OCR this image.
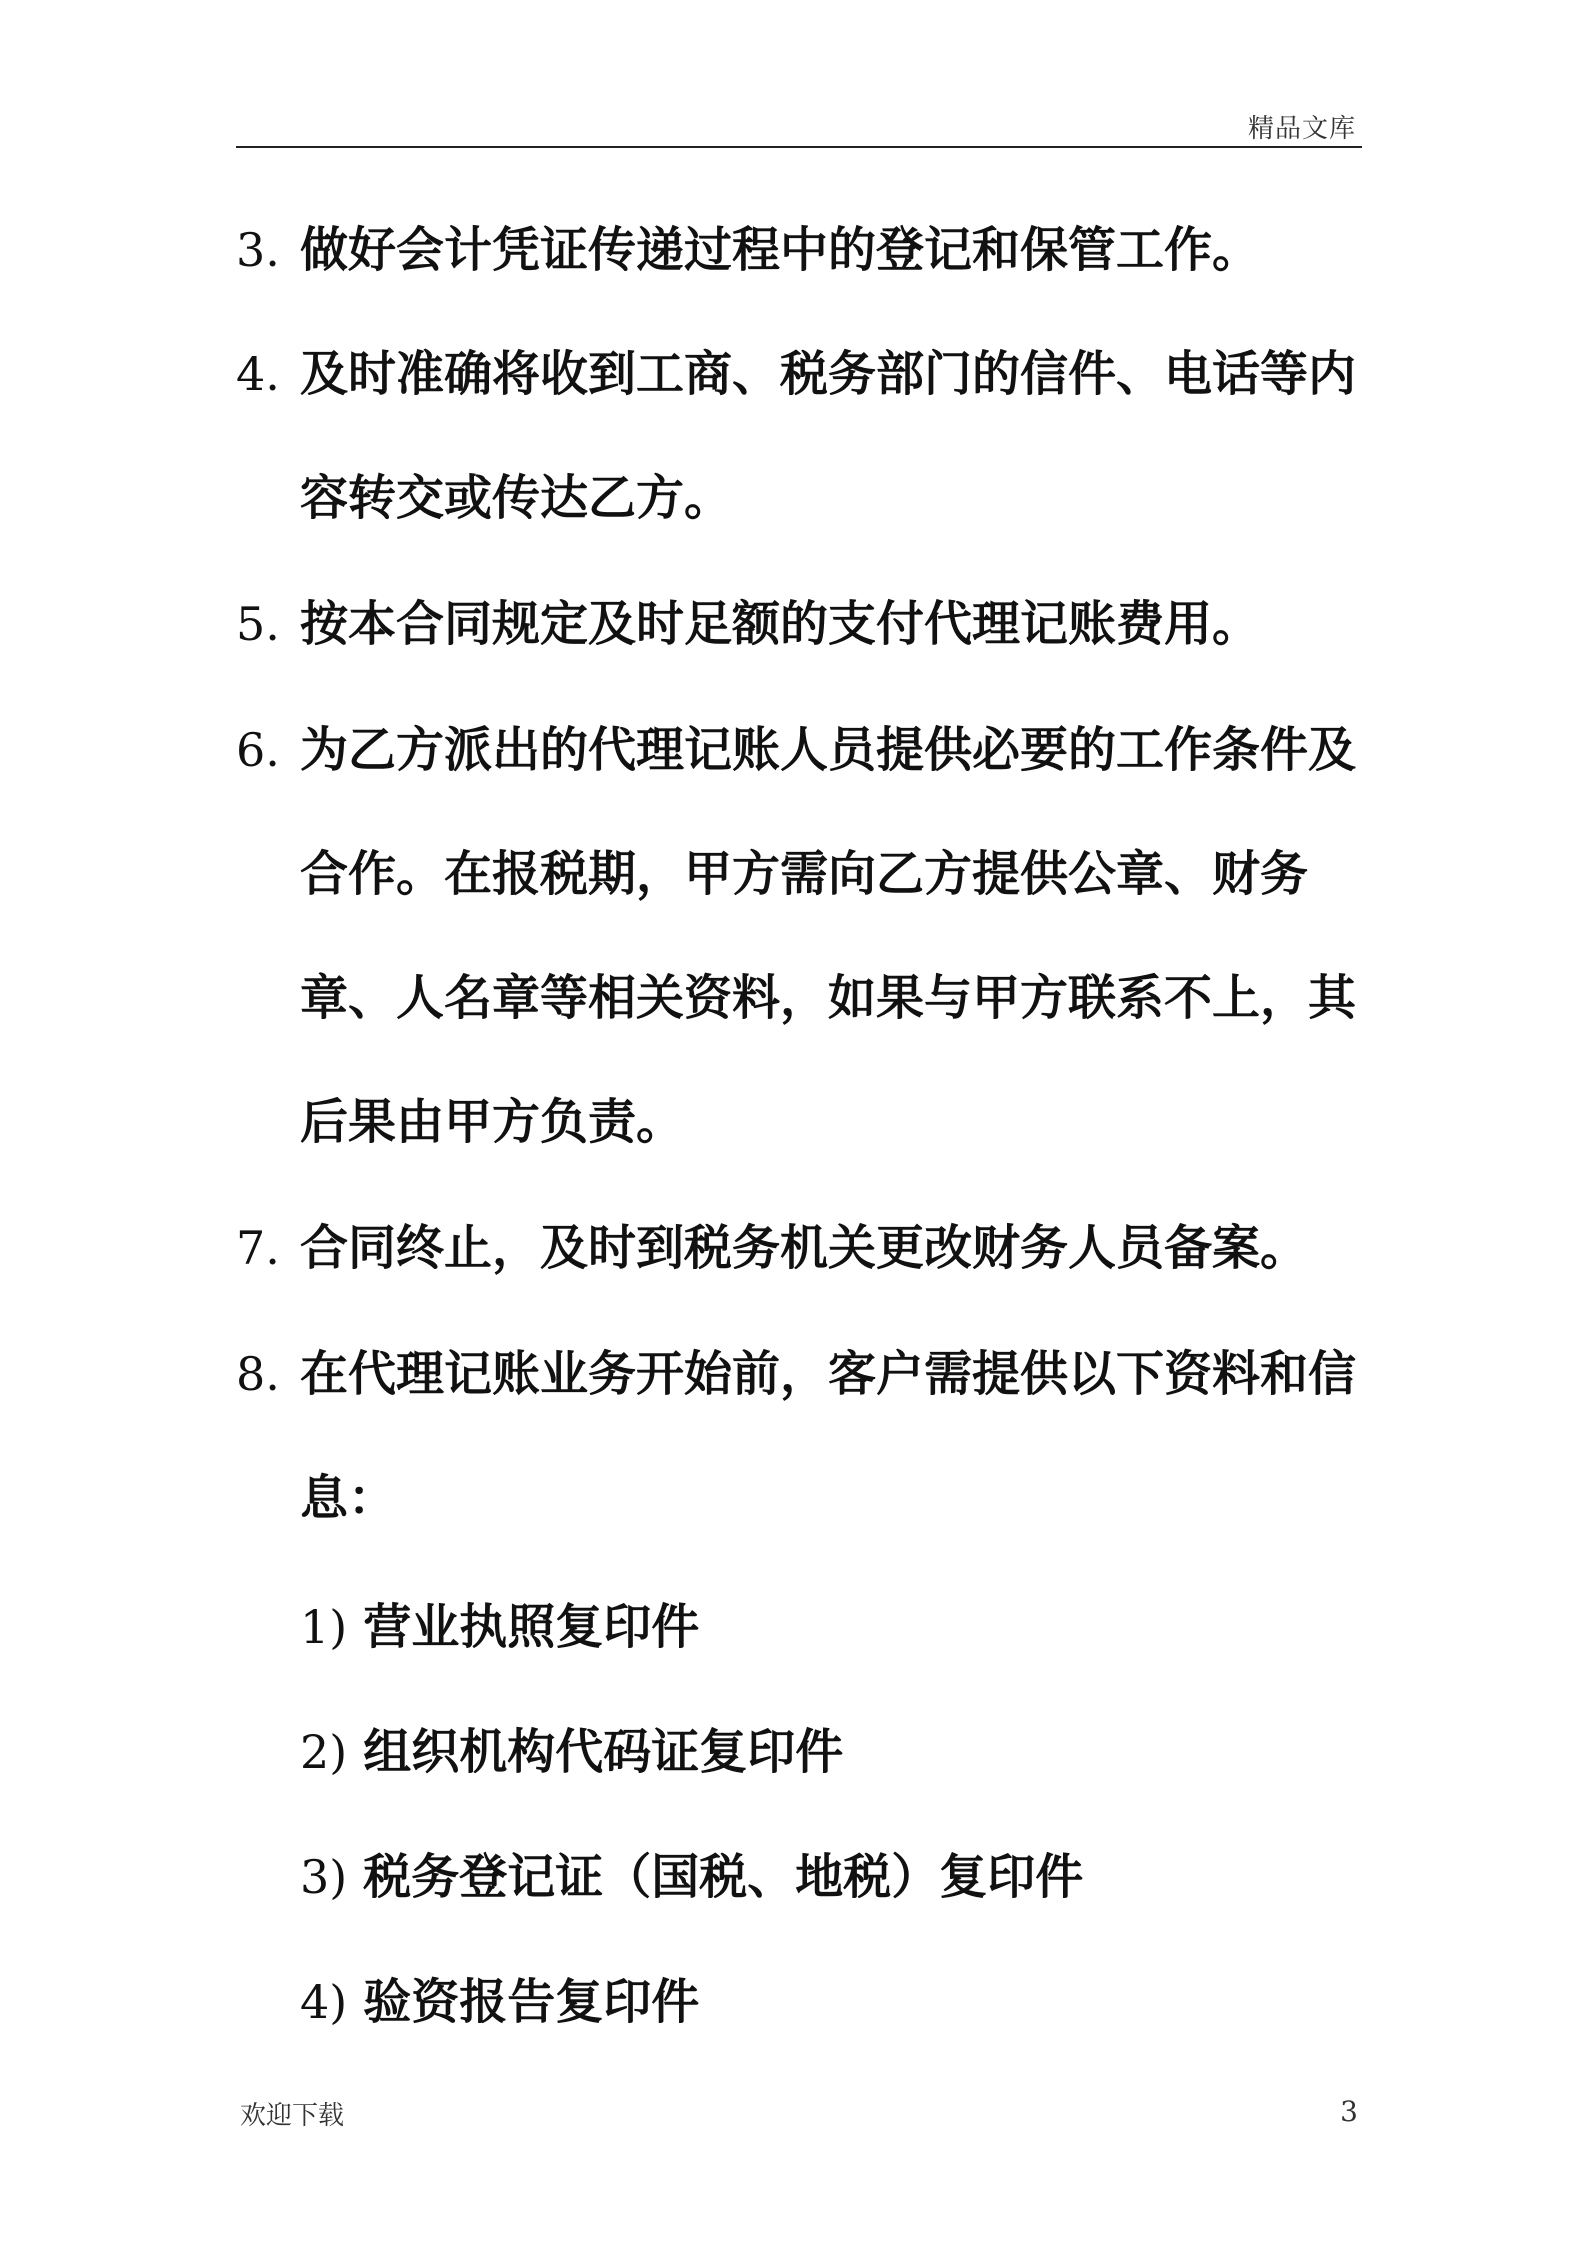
精品文库
3. 做好会计凭证传递过程中的登记和保管工作。
4. 及时准确将收到工商、税务部门的信件、电话等内容转交或传达乙方。
5. 按本合同规定及时足额的支付代理记账费用。
6. 为乙方派出的代理记账人员提供必要的工作条件及合作。在报税期，甲方需向乙方提供公章、财务章、人名章等相关资料，如果与甲方联系不上，其后果由甲方负责。
7. 合同终止，及时到税务机关更改财务人员备案。
8. 在代理记账业务开始前，客户需提供以下资料和信息：
1) 营业执照复印件
2) 组织机构代码证复印件
3) 税务登记证（国税、地税）复印件
4) 验资报告复印件
欢迎下载	3
